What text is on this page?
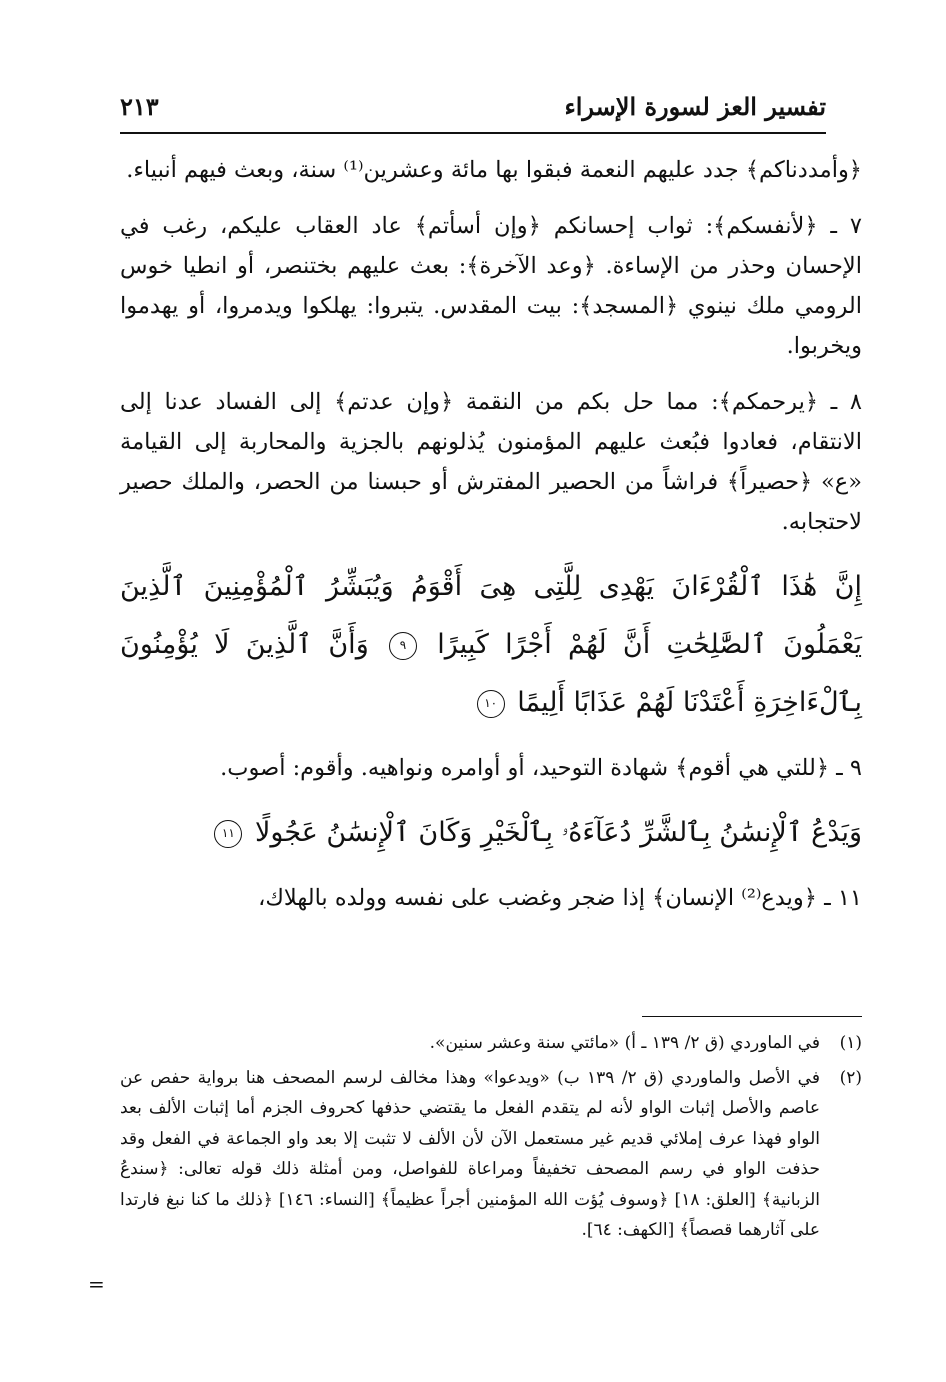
تفسير العز لسورة الإسراء
٢١٣

﴿وأمددناكم﴾ جدد عليهم النعمة فبقوا بها مائة وعشرين⁽¹⁾ سنة، وبعث فيهم أنبياء.

٧ ـ ﴿لأنفسكم﴾: ثواب إحسانكم ﴿وإن أسأتم﴾ عاد العقاب عليكم، رغب في الإحسان وحذر من الإساءة. ﴿وعد الآخرة﴾: بعث عليهم بختنصر، أو انطيا خوس الرومي ملك نينوي ﴿المسجد﴾: بيت المقدس. يتبروا: يهلكوا ويدمروا، أو يهدموا ويخربوا.

٨ ـ ﴿يرحمكم﴾: مما حل بكم من النقمة ﴿وإن عدتم﴾ إلى الفساد عدنا إلى الانتقام، فعادوا فبُعث عليهم المؤمنون يُذلونهم بالجزية والمحاربة إلى القيامة «ع» ﴿حصيراً﴾ فراشاً من الحصير المفترش أو حبسنا من الحصر، والملك حصير لاحتجابه.

إِنَّ هَٰذَا ٱلْقُرْءَانَ يَهْدِى لِلَّتِى هِىَ أَقْوَمُ وَيُبَشِّرُ ٱلْمُؤْمِنِينَ ٱلَّذِينَ يَعْمَلُونَ ٱلصَّٰلِحَٰتِ أَنَّ لَهُمْ أَجْرًا كَبِيرًا ٩ وَأَنَّ ٱلَّذِينَ لَا يُؤْمِنُونَ بِٱلْءَاخِرَةِ أَعْتَدْنَا لَهُمْ عَذَابًا أَلِيمًا ١٠

٩ ـ ﴿للتي هي أقوم﴾ شهادة التوحيد، أو أوامره ونواهيه. وأقوم: أصوب.

وَيَدْعُ ٱلْإِنسَٰنُ بِٱلشَّرِّ دُعَآءَهُۥ بِٱلْخَيْرِ وَكَانَ ٱلْإِنسَٰنُ عَجُولًا ١١

١١ ـ ﴿ويدع⁽²⁾ الإنسان﴾ إذا ضجر وغضب على نفسه وولده بالهلاك،

(١)
في الماوردي (ق ٢/ ١٣٩ ـ أ) «مائتي سنة وعشر سنين».
(٢)
في الأصل والماوردي (ق ٢/ ١٣٩ ب) «ويدعوا» وهذا مخالف لرسم المصحف هنا برواية حفص عن عاصم والأصل إثبات الواو لأنه لم يتقدم الفعل ما يقتضي حذفها كحروف الجزم أما إثبات الألف بعد الواو فهذا عرف إملائي قديم غير مستعمل الآن لأن الألف لا تثبت إلا بعد واو الجماعة في الفعل وقد حذفت الواو في رسم المصحف تخفيفاً ومراعاة للفواصل، ومن أمثلة ذلك قوله تعالى: ﴿سندعُ الزبانية﴾ [العلق: ١٨] ﴿وسوف يُؤت الله المؤمنين أجراً عظيماً﴾ [النساء: ١٤٦] ﴿ذلك ما كنا نبغ فارتدا على آثارهما قصصاً﴾ [الكهف: ٦٤].
=
